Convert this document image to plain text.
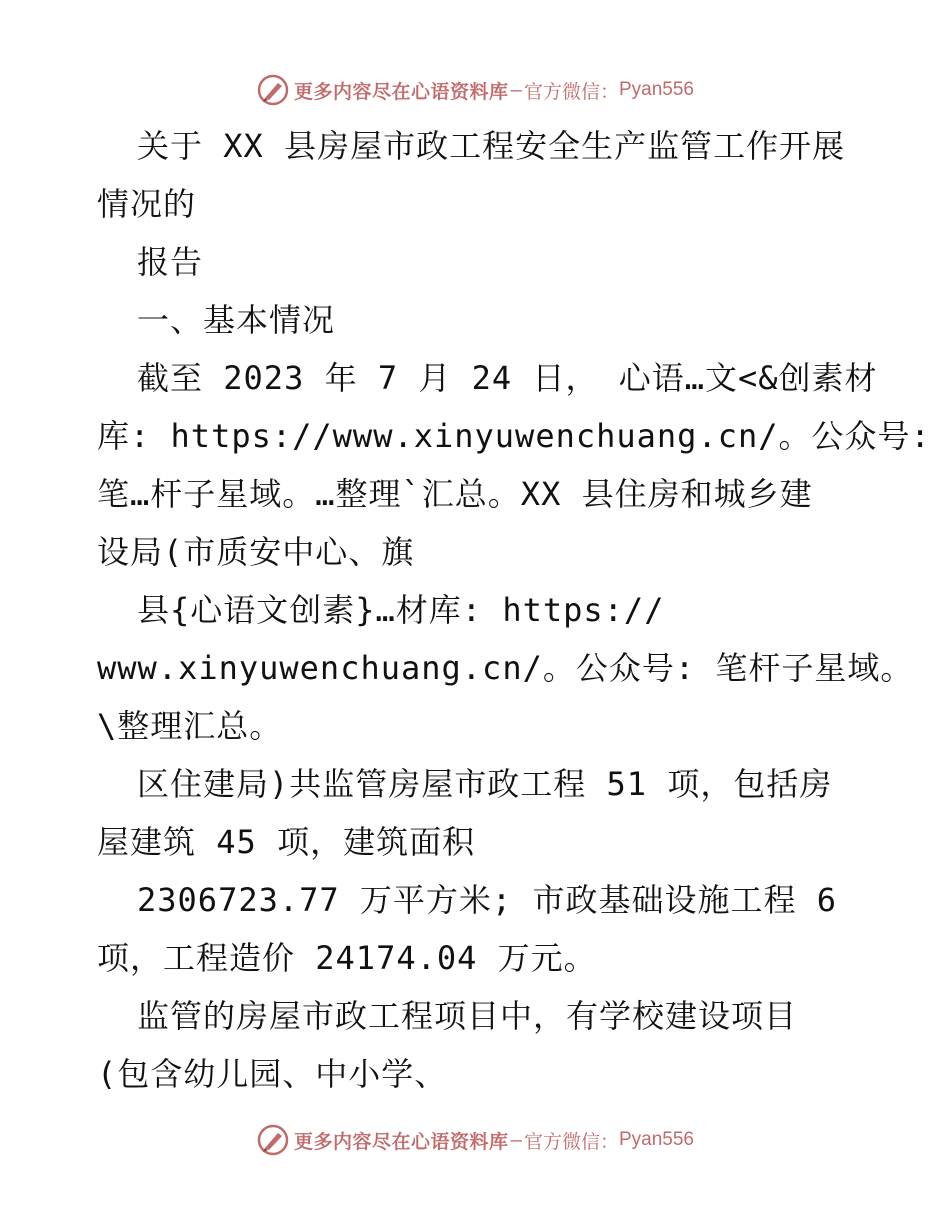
更多内容尽在心语资料库 — 官方微信： Pyan556
关于 XX 县房屋市政工程安全生产监管工作开展
情况的
报告
一、基本情况
截至 2023 年 7 月 24 日， 心语…文<&创素材
库: https://www.xinyuwenchuang.cn/。公众号:
笔…杆子星域。…整理`汇总。XX 县住房和城乡建
设局(市质安中心、旗
县{心语文创素}…材库: https://
www.xinyuwenchuang.cn/。公众号: 笔杆子星域。
\整理汇总。
区住建局)共监管房屋市政工程 51 项，包括房
屋建筑 45 项，建筑面积
2306723.77 万平方米; 市政基础设施工程 6
项，工程造价 24174.04 万元。
监管的房屋市政工程项目中，有学校建设项目
(包含幼儿园、中小学、
更多内容尽在心语资料库 — 官方微信： Pyan556
